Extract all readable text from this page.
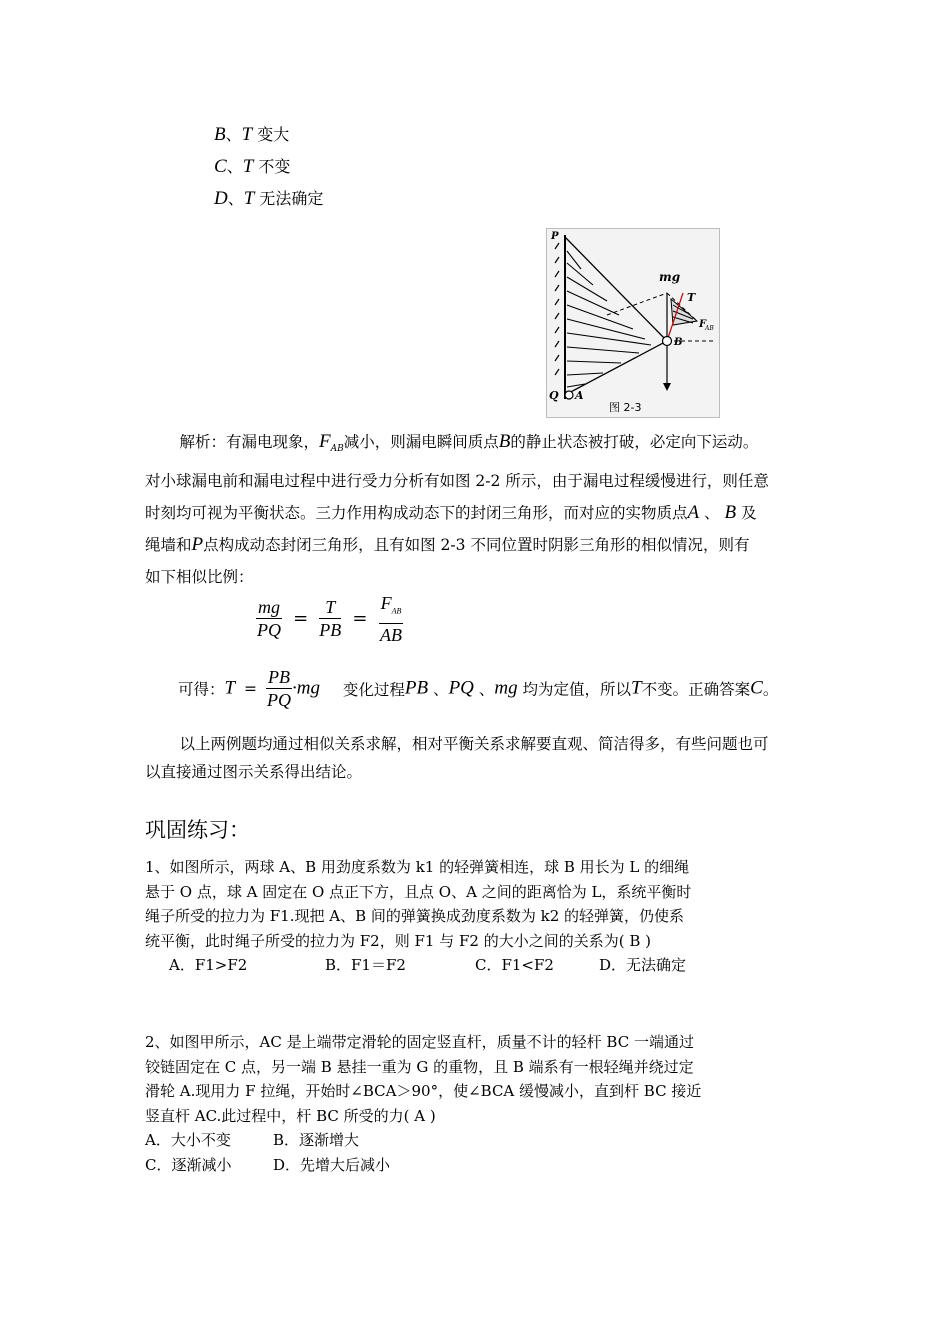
B、T 变大
C、T 不变
D、T 无法确定
P
mg
T
F
AB
B
Q A
图 2-3
解析：有漏电现象，$F_{AB}$减小，则漏电瞬间质点B的静止状态被打破，必定向下运动。
对小球漏电前和漏电过程中进行受力分析有如图 2-2 所示，由于漏电过程缓慢进行，则任意
时刻均可视为平衡状态。三力作用构成动态下的封闭三角形，而对应的实物质点A 、 B 及
绳墙和P点构成动态封闭三角形，且有如图 2-3 不同位置时阴影三角形的相似情况，则有
如下相似比例：
$\frac{mg}{PQ} = \frac{T}{PB} = \frac{F_{AB}}{AB}$
可得：$T = \frac{PB}{PQ} \cdot mg$ 变化过程PB 、PQ 、mg 均为定值，所以T不变。正确答案C。
以上两例题均通过相似关系求解，相对平衡关系求解要直观、简洁得多，有些问题也可
以直接通过图示关系得出结论。
巩固练习：
1、如图所示，两球 A、B 用劲度系数为 k1 的轻弹簧相连，球 B 用长为 L 的细绳
悬于 O 点，球 A 固定在 O 点正下方，且点 O、A 之间的距离恰为 L，系统平衡时
绳子所受的拉力为 F1.现把 A、B 间的弹簧换成劲度系数为 k2 的轻弹簧，仍使系
统平衡，此时绳子所受的拉力为 F2，则 F1 与 F2 的大小之间的关系为( B )
A．F1>F2	B．F1＝F2	C．F1<F2	D．无法确定
2、如图甲所示，AC 是上端带定滑轮的固定竖直杆，质量不计的轻杆 BC 一端通过
铰链固定在 C 点，另一端 B 悬挂一重为 G 的重物，且 B 端系有一根轻绳并绕过定
滑轮 A.现用力 F 拉绳，开始时∠BCA＞90°，使∠BCA 缓慢减小，直到杆 BC 接近
竖直杆 AC.此过程中，杆 BC 所受的力( A )
A．大小不变	B．逐渐增大
C．逐渐减小	D．先增大后减小
